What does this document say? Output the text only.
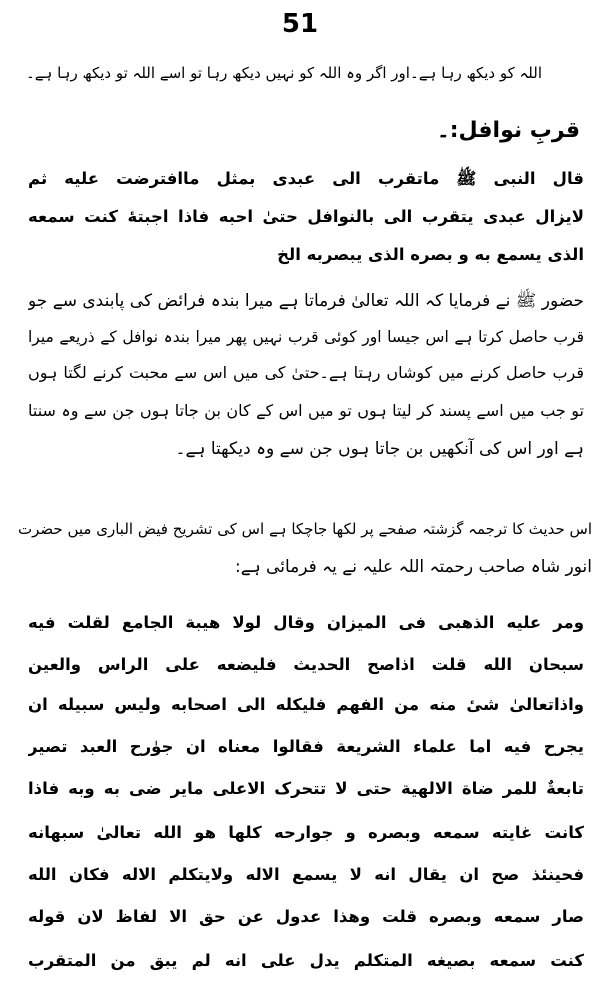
51
اللہ کو دیکھ رہا ہے۔اور اگر وہ اللہ کو نہیں دیکھ رہا تو اسے اللہ تو دیکھ رہا ہے۔
قربِ نوافل:۔
قال النبی ﷺ ماتقرب الی عبدی بمثل ماافترضت علیه ثم
لایزال عبدی یتقرب الی بالنوافل حتیٰ احبه فاذا اجبتهٔ کنت سمعه
الذی یسمع به و بصره الذی یبصربه الخ
حضور ﷺ نے فرمایا کہ اللہ تعالیٰ فرماتا ہے میرا بندہ فرائض کی پابندی سے جو
قرب حاصل کرتا ہے اس جیسا اور کوئی قرب نہیں پھر میرا بندہ نوافل کے ذریعے میرا
قرب حاصل کرنے میں کوشاں رہتا ہے۔حتیٰ کی میں اس سے محبت کرنے لگتا ہوں
تو جب میں اسے پسند کر لیتا ہوں تو میں اس کے کان بن جاتا ہوں جن سے وہ سنتا
ہے اور اس کی آنکھیں بن جاتا ہوں جن سے وہ دیکھتا ہے۔
اس حدیث کا ترجمہ گزشتہ صفحے پر لکھا جاچکا ہے اس کی تشریح فیض الباری میں حضرت
انور شاہ صاحب رحمتہ اللہ علیہ نے یہ فرمائی ہے:
ومر علیه الذهبی فی المیزان وقال لولا هیبة الجامع لقلت فیه
سبحان الله قلت اذاصح الحدیث فلیضعه علی الراس والعین
واذاتعالیٰ شیٔ منه من الفهم فلیکله الی اصحابه ولیس سبیله ان
یجرح فیه اما علماء الشریعة فقالوا معناه ان جوٰرح العبد تصیر
تابعةٌ للمر ضاة الالهیة حتی لا تتحرک الاعلی مایر ضی به وبه فاذا
کانت غایته سمعه وبصره و جوارحه کلها هو الله تعالیٰ سبهانه
فحینئذ صح ان یقال انه لا یسمع الاله ولایتکلم الاله فکان الله
صار سمعه وبصره قلت وهذا عدول عن حق الا لفاظ لان قوله
کنت سمعه بصیغه المتکلم یدل علی انه لم یبق من المتقرب
